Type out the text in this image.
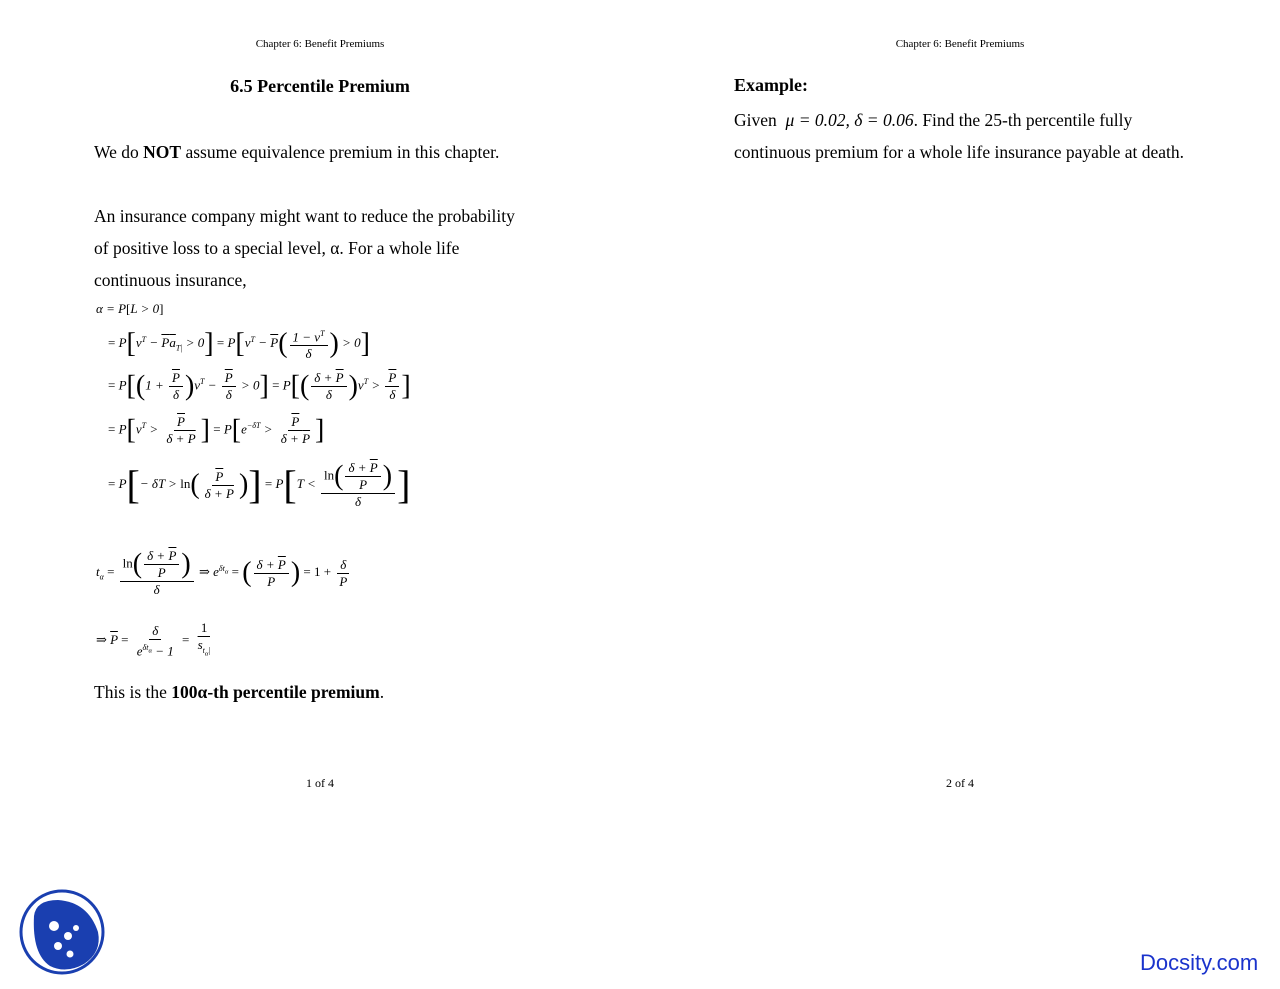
Chapter 6: Benefit Premiums
6.5 Percentile Premium

We do NOT assume equivalence premium in this chapter.

An insurance company might want to reduce the probability of positive loss to a special level, α. For a whole life continuous insurance,

α = P[L > 0]
= $P[v^T - \overline{P}\overline{a}_{T|} > 0] = P[v^T - \overline{P}( \frac{1 - v^T}{\delta}$ ) > 0]
= $P[(1 + \frac{\overline{P}}{\delta} )v^T - \frac{\overline{P}}{\delta} > 0] = P[( \frac{\delta + \overline{P}}{\delta} )v^T > \frac{\overline{P}}{\delta}$ ]
= $P[v^T > \frac{\overline{P}}{\delta + \overline{P}}$ ] = $P[e^{-\delta T} > \frac{\overline{P}}{\delta + \overline{P}}$ ]
= $P[- \delta T > \ln( \frac{\overline{P}}{\delta + \overline{P}}$ )] = $P[T < \frac{\ln( \frac{\delta + \overline{P}}{P} )}{\delta}$ ]
$t_\alpha = \frac{\ln( \frac{\delta + \overline{P}}{P} )}{\delta}$ ⇒ $e^{\delta t_\alpha}$ = ( $\frac{\delta + \overline{P}}{P}$ ) = $1 + \frac{\delta}{P}$
⇒ $\overline{P} = \frac{\delta}{e^{\delta t_\alpha} - 1} = \frac{1}{\overline{s}_{t_\alpha|}}$

This is the 100α-th percentile premium.

1 of 4
Chapter 6: Benefit Premiums
Example:

Given μ = 0.02, δ = 0.06. Find the 25-th percentile fully continuous premium for a whole life insurance payable at death.

2 of 4
Docsity.com
